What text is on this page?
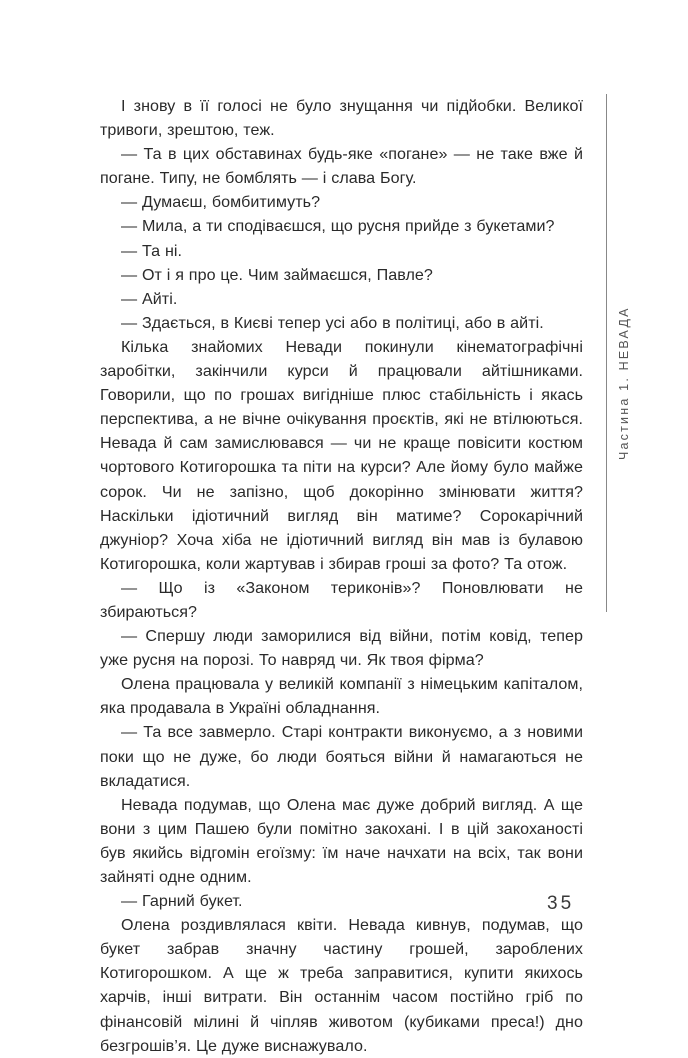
І знову в її голосі не було знущання чи підйобки. Великої тривоги, зрештою, теж.

— Та в цих обставинах будь-яке «погане» — не таке вже й погане. Типу, не бомблять — і слава Богу.

— Думаєш, бомбитимуть?

— Мила, а ти сподіваєшся, що русня прийде з букетами?

— Та ні.

— От і я про це. Чим займаєшся, Павле?

— Айті.

— Здається, в Києві тепер усі або в політиці, або в айті.

Кілька знайомих Невади покинули кінематографічні заробітки, закінчили курси й працювали айтішниками. Говорили, що по грошах вигідніше плюс стабільність і якась перспектива, а не вічне очікування проєктів, які не втілюються. Невада й сам замислювався — чи не краще повісити костюм чортового Котигорошка та піти на курси? Але йому було майже сорок. Чи не запізно, щоб докорінно змінювати життя? Наскільки ідіотичний вигляд він матиме? Сорокарічний джуніор? Хоча хіба не ідіотичний вигляд він мав із булавою Котигорошка, коли жартував і збирав гроші за фото? Та отож.

— Що із «Законом териконів»? Поновлювати не збираються?

— Спершу люди заморилися від війни, потім ковід, тепер уже русня на порозі. То навряд чи. Як твоя фірма?

Олена працювала у великій компанії з німецьким капіталом, яка продавала в Україні обладнання.

— Та все завмерло. Старі контракти виконуємо, а з новими поки що не дуже, бо люди бояться війни й намагаються не вкладатися.

Невада подумав, що Олена має дуже добрий вигляд. А ще вони з цим Пашею були помітно закохані. І в цій закоханості був якийсь відгомін егоїзму: їм наче начхати на всіх, так вони зайняті одне одним.

— Гарний букет.

Олена роздивлялася квіти. Невада кивнув, подумав, що букет забрав значну частину грошей, зароблених Котигорошком. А ще ж треба заправитися, купити якихось харчів, інші витрати. Він останнім часом постійно гріб по фінансовій мілині й чіпляв животом (кубиками преса!) дно безгрошів’я. Це дуже виснажувало.

Частина 1. НЕВАДА
35
